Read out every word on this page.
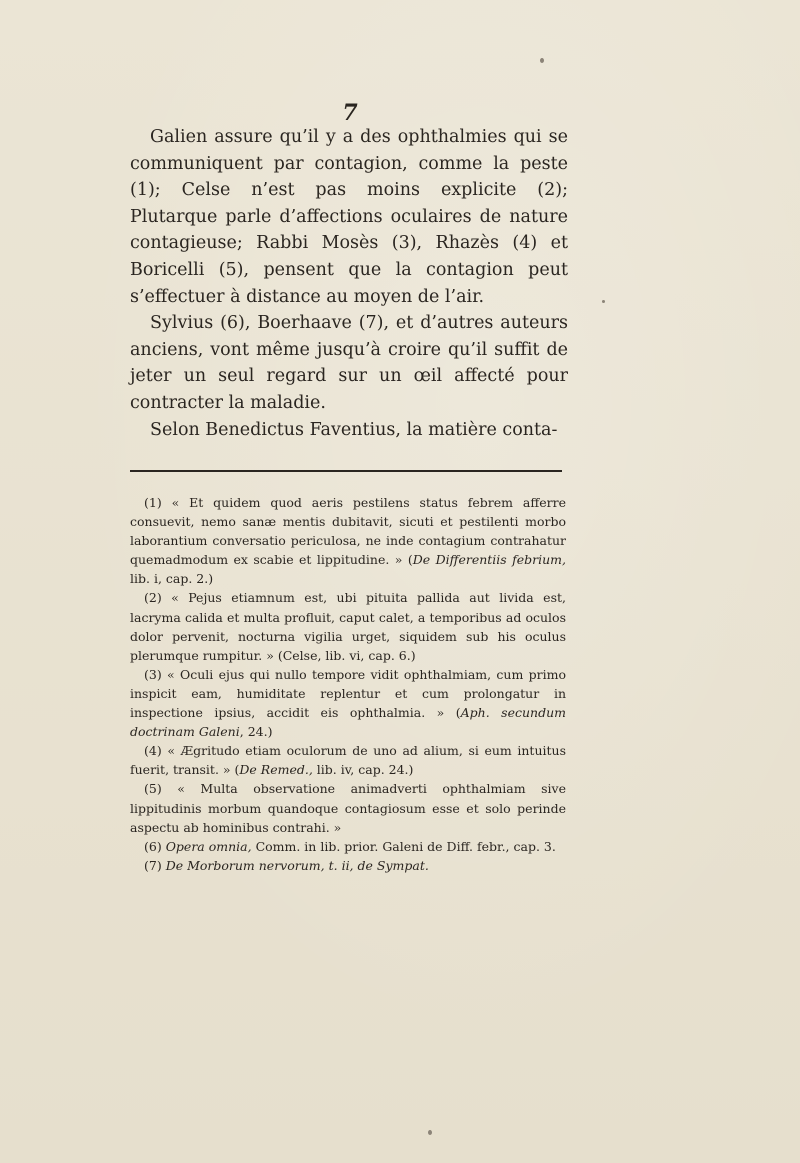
7

Galien assure qu’il y a des ophthalmies qui se communiquent par contagion, comme la peste (1); Celse n’est pas moins explicite (2); Plutarque parle d’affections oculaires de nature contagieuse; Rabbi Mosès (3), Rhazès (4) et Boricelli (5), pensent que la contagion peut s’effectuer à distance au moyen de l’air.

Sylvius (6), Boerhaave (7), et d’autres auteurs anciens, vont même jusqu’à croire qu’il suffit de jeter un seul regard sur un œil affecté pour contracter la maladie.

Selon Benedictus Faventius, la matière conta-

(1) « Et quidem quod aeris pestilens status febrem afferre consuevit, nemo sanæ mentis dubitavit, sicuti et pestilenti morbo laborantium conversatio periculosa, ne inde contagium contrahatur quemadmodum ex scabie et lippitudine. » (De Differentiis febrium, lib. i, cap. 2.)

(2) « Pejus etiamnum est, ubi pituita pallida aut livida est, lacryma calida et multa profluit, caput calet, a temporibus ad oculos dolor pervenit, nocturna vigilia urget, siquidem sub his oculus plerumque rumpitur. » (Celse, lib. vi, cap. 6.)

(3) « Oculi ejus qui nullo tempore vidit ophthalmiam, cum primo inspicit eam, humiditate replentur et cum prolongatur in inspectione ipsius, accidit eis ophthalmia. » (Aph. secundum doctrinam Galeni, 24.)

(4) « Ægritudo etiam oculorum de uno ad alium, si eum intuitus fuerit, transit. » (De Remed., lib. iv, cap. 24.)

(5) « Multa observatione animadverti ophthalmiam sive lippitudinis morbum quandoque contagiosum esse et solo perinde aspectu ab hominibus contrahi. »

(6) Opera omnia, Comm. in lib. prior. Galeni de Diff. febr., cap. 3.

(7) De Morborum nervorum, t. ii, de Sympat.
